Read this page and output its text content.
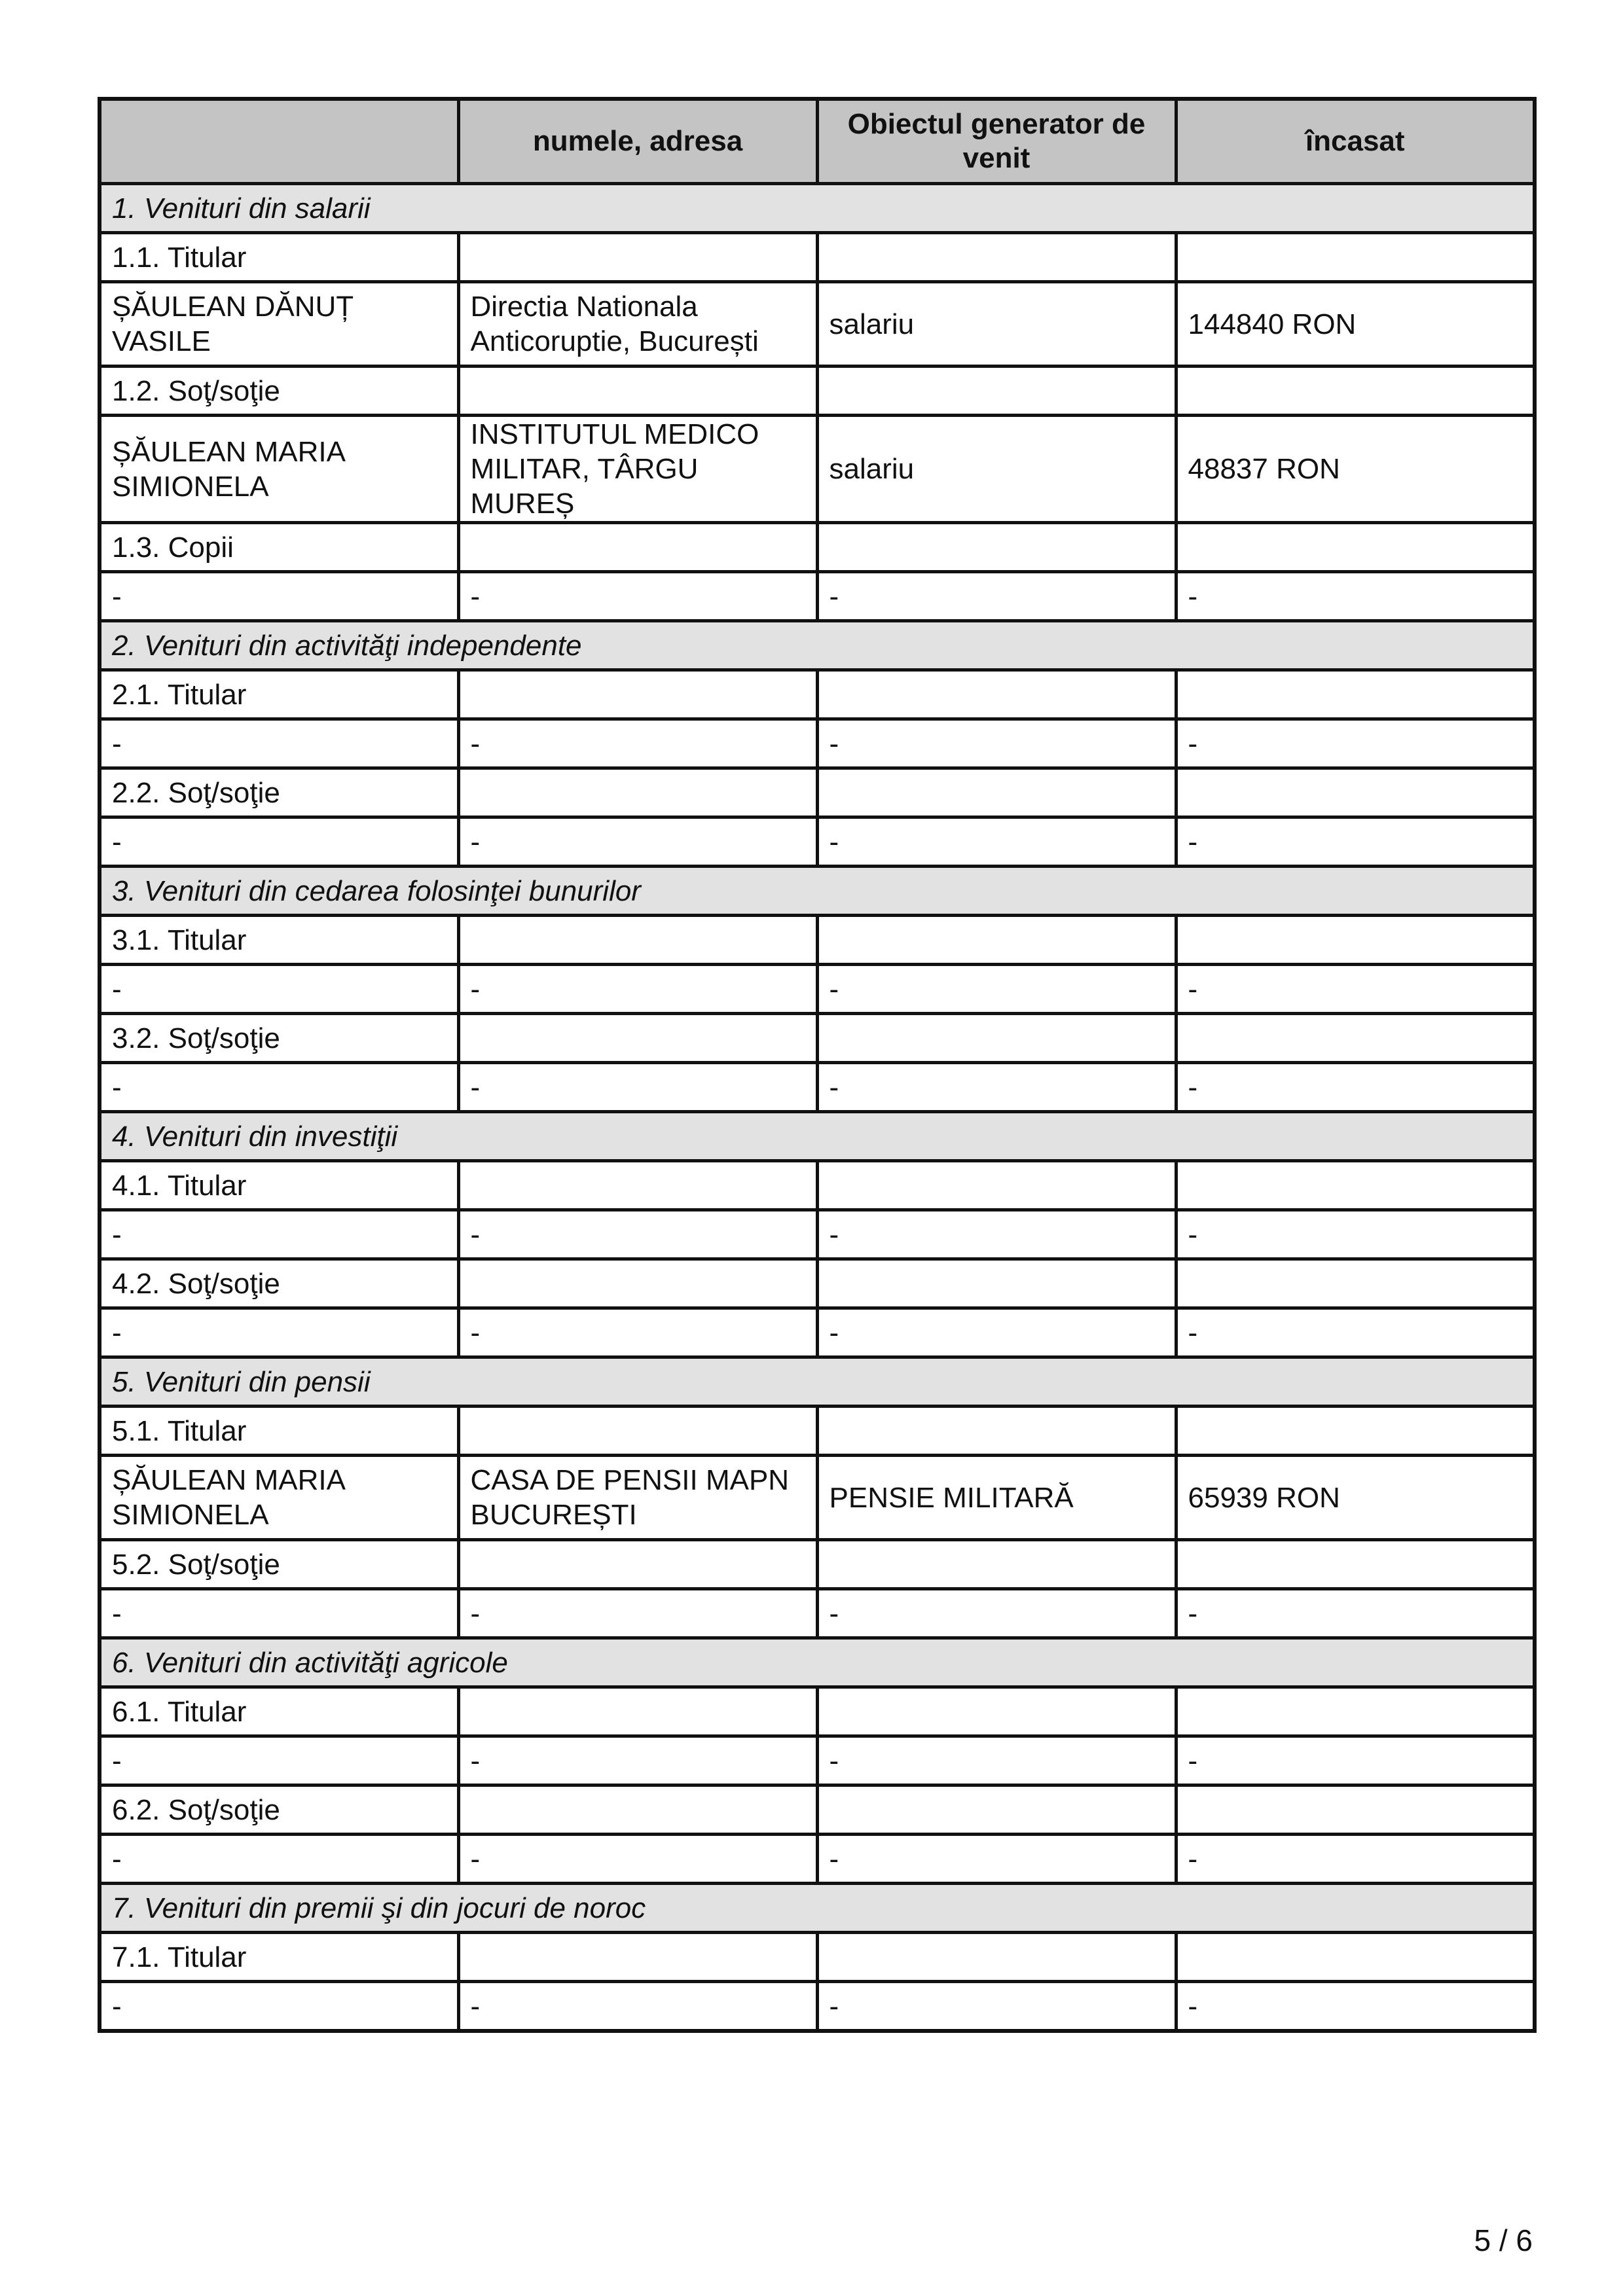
	numele, adresa	Obiectul generator de venit	încasat
1. Venituri din salarii			
1.1. Titular			
ȘĂULEAN DĂNUȚ VASILE	Directia Nationala Anticoruptie, București	salariu	144840 RON
1.2. Soţ/soţie			
ȘĂULEAN MARIA SIMIONELA	INSTITUTUL MEDICO MILITAR, TÂRGU MUREȘ	salariu	48837 RON
1.3. Copii			
-	-	-	-
2. Venituri din activităţi independente			
2.1. Titular			
-	-	-	-
2.2. Soţ/soţie			
-	-	-	-
3. Venituri din cedarea folosinţei bunurilor			
3.1. Titular			
-	-	-	-
3.2. Soţ/soţie			
-	-	-	-
4. Venituri din investiţii			
4.1. Titular			
-	-	-	-
4.2. Soţ/soţie			
-	-	-	-
5. Venituri din pensii			
5.1. Titular			
ȘĂULEAN MARIA SIMIONELA	CASA DE PENSII MAPN BUCUREȘTI	PENSIE MILITARĂ	65939 RON
5.2. Soţ/soţie			
-	-	-	-
6. Venituri din activităţi agricole			
6.1. Titular			
-	-	-	-
6.2. Soţ/soţie			
-	-	-	-
7. Venituri din premii şi din jocuri de noroc			
7.1. Titular			
-	-	-	-
5 / 6
